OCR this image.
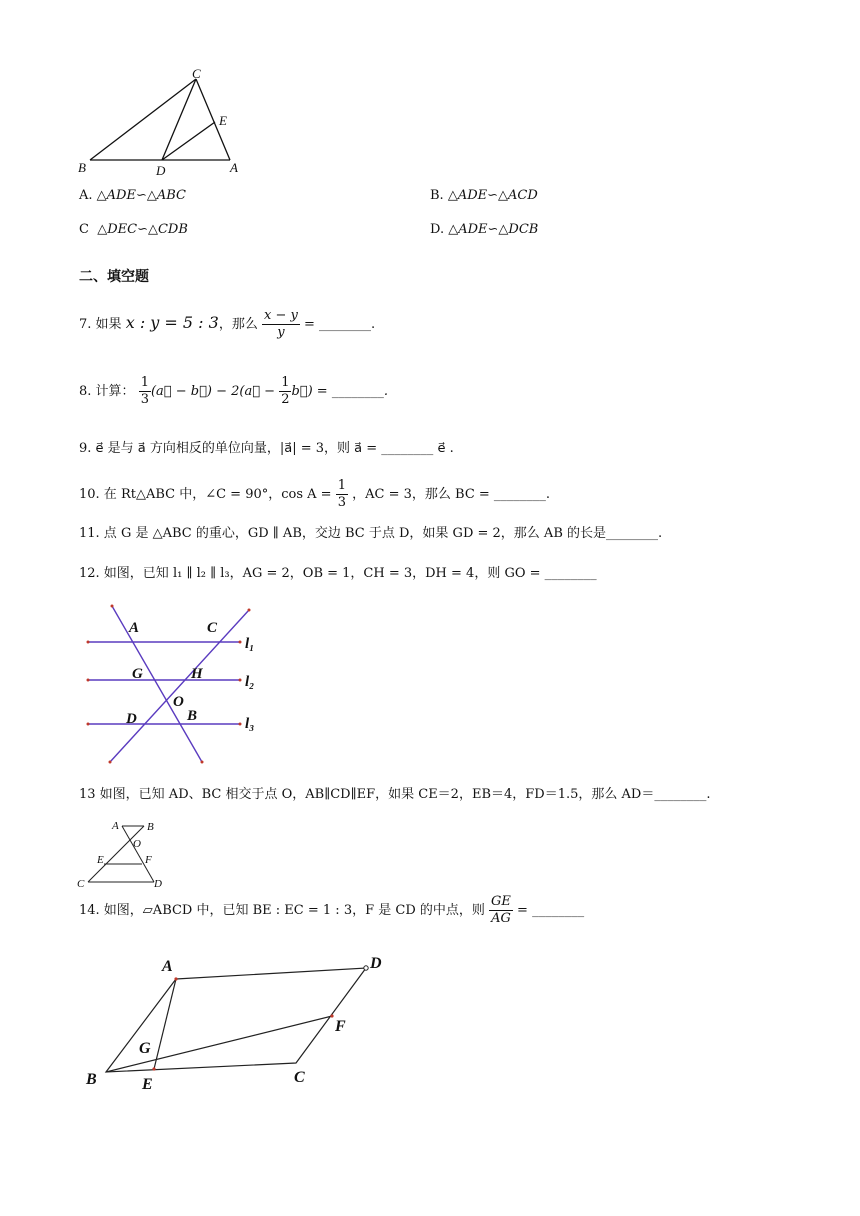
B
C
D
E
A
A. △ADE∽△ABC	B. △ADE∽△ACD
C △DEC∽△CDB	D. △ADE∽△DCB
二、填空题
7. 如果 x : y = 5 : 3，那么 $\frac{x - y}{y}$ = ________.
8. 计算： $\frac{1}{3}$ (a⃗ − b⃗) − 2(a⃗ − $\frac{1}{2}$ b⃗) = ________.
9. e⃗ 是与 a⃗ 方向相反的单位向量，|a⃗| = 3，则 a⃗ = ________ e⃗ .
10. 在 Rt△ABC 中，∠C = 90°，$\cos A = \frac{1}{3}$ ，AC = 3，那么 BC = ________.
11. 点 G 是 △ABC 的重心，GD ∥ AB，交边 BC 于点 D，如果 GD = 2，那么 AB 的长是________.
12. 如图，已知 l₁ ∥ l₂ ∥ l₃，AG = 2，OB = 1，CH = 3，DH = 4，则 GO = ________
A	C
l₁
G	H	l₂
O
D	B	l₃
13 如图，已知 AD、BC 相交于点 O，AB∥CD∥EF，如果 CE＝2，EB＝4，FD＝1.5，那么 AD＝________.
A	B
O
E	F
C	D
14. 如图，▱ABCD 中，已知 BE : EC = 1 : 3，F 是 CD 的中点，则 $\frac{GE}{AG}$ = ________
A	D
F
G
B	E	C
